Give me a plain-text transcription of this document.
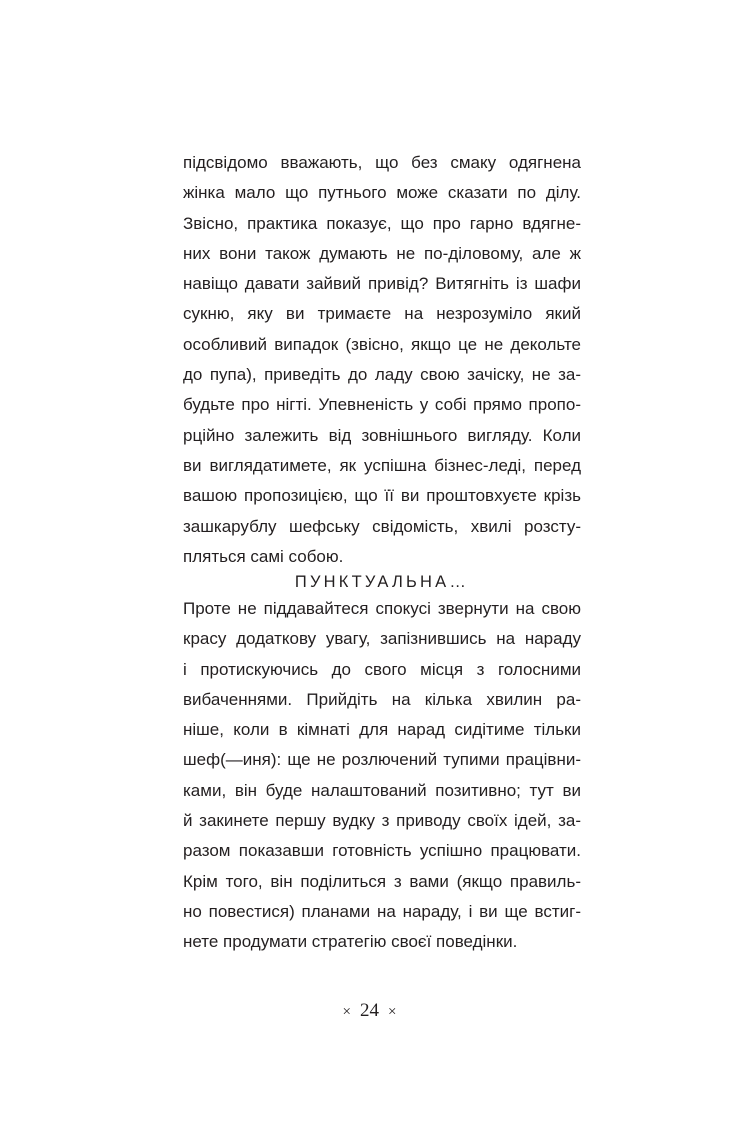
підсвідомо вважають, що без смаку одягнена
жінка мало що путнього може сказати по ділу.
Звісно, практика показує, що про гарно вдягне-
них вони також думають не по-діловому, але ж
навіщо давати зайвий привід? Витягніть із шафи
сукню, яку ви тримаєте на незрозуміло який
особливий випадок (звісно, якщо це не декольте
до пупа), приведіть до ладу свою зачіску, не за-
будьте про нігті. Упевненість у собі прямо пропо-
рційно залежить від зовнішнього вигляду. Коли
ви виглядатимете, як успішна бізнес-леді, перед
вашою пропозицією, що її ви проштовхуєте крізь
зашкарублу шефську свідомість, хвилі розсту-
пляться самі собою.
ПУНКТУАЛЬНА…
Проте не піддавайтеся спокусі звернути на свою
красу додаткову увагу, запізнившись на нараду
і протискуючись до свого місця з голосними
вибаченнями. Прийдіть на кілька хвилин ра-
ніше, коли в кімнаті для нарад сидітиме тільки
шеф(—иня): ще не розлючений тупими працівни-
ками, він буде налаштований позитивно; тут ви
й закинете першу вудку з приводу своїх ідей, за-
разом показавши готовність успішно працювати.
Крім того, він поділиться з вами (якщо правиль-
но повестися) планами на нараду, і ви ще встиг-
нете продумати стратегію своєї поведінки.
× 24 ×
